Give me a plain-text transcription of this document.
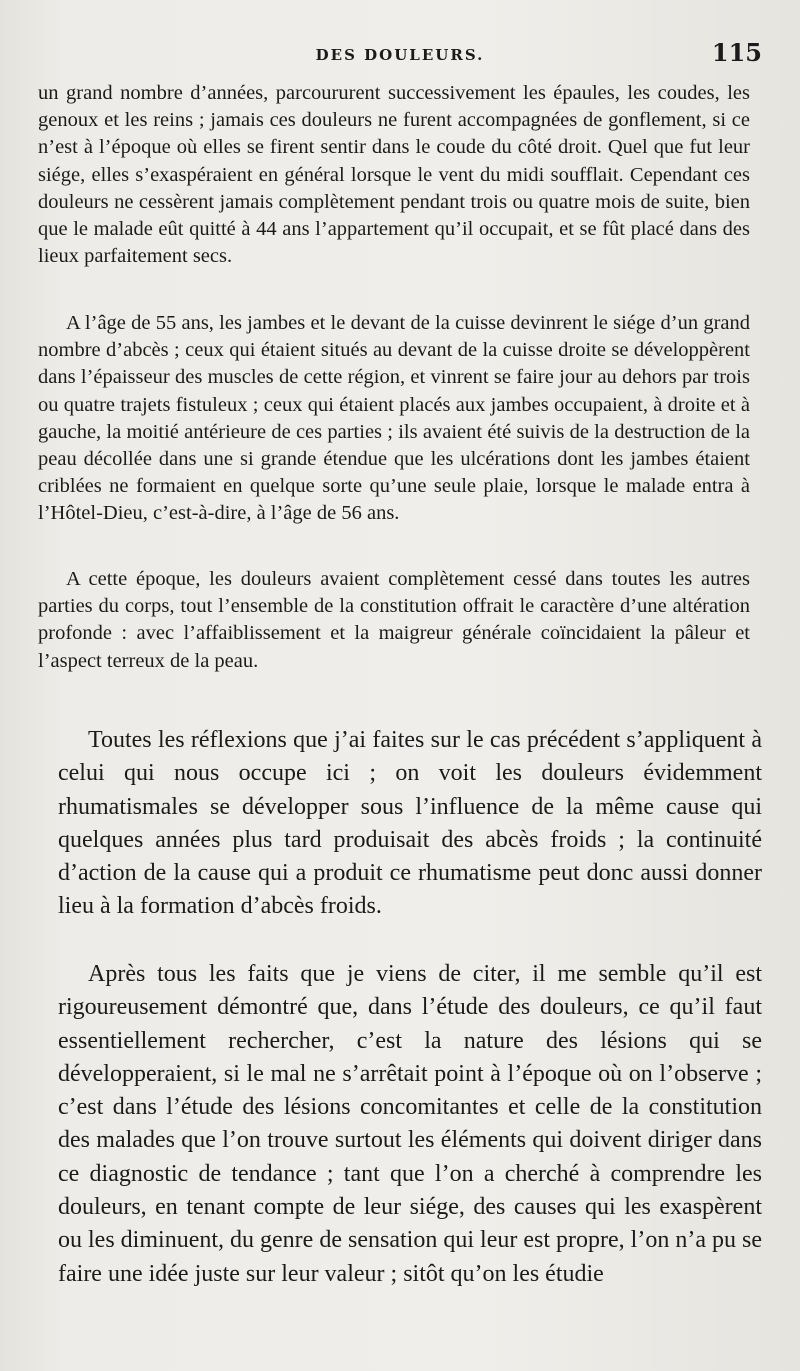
DES DOULEURS.	115

un grand nombre d’années, parcoururent successivement les épaules, les coudes, les genoux et les reins ; jamais ces douleurs ne furent accompagnées de gonflement, si ce n’est à l’époque où elles se firent sentir dans le coude du côté droit. Quel que fut leur siége, elles s’exaspéraient en général lorsque le vent du midi soufflait. Cependant ces douleurs ne cessèrent jamais complètement pendant trois ou quatre mois de suite, bien que le malade eût quitté à 44 ans l’appartement qu’il occupait, et se fût placé dans des lieux parfaitement secs.

A l’âge de 55 ans, les jambes et le devant de la cuisse devinrent le siége d’un grand nombre d’abcès ; ceux qui étaient situés au devant de la cuisse droite se développèrent dans l’épaisseur des muscles de cette région, et vinrent se faire jour au dehors par trois ou quatre trajets fistuleux ; ceux qui étaient placés aux jambes occupaient, à droite et à gauche, la moitié antérieure de ces parties ; ils avaient été suivis de la destruction de la peau décollée dans une si grande étendue que les ulcérations dont les jambes étaient criblées ne formaient en quelque sorte qu’une seule plaie, lorsque le malade entra à l’Hôtel-Dieu, c’est-à-dire, à l’âge de 56 ans.

A cette époque, les douleurs avaient complètement cessé dans toutes les autres parties du corps, tout l’ensemble de la constitution offrait le caractère d’une altération profonde : avec l’affaiblissement et la maigreur générale coïncidaient la pâleur et l’aspect terreux de la peau.

Toutes les réflexions que j’ai faites sur le cas précédent s’appliquent à celui qui nous occupe ici ; on voit les douleurs évidemment rhumatismales se développer sous l’influence de la même cause qui quelques années plus tard produisait des abcès froids ; la continuité d’action de la cause qui a produit ce rhumatisme peut donc aussi donner lieu à la formation d’abcès froids.

Après tous les faits que je viens de citer, il me semble qu’il est rigoureusement démontré que, dans l’étude des douleurs, ce qu’il faut essentiellement rechercher, c’est la nature des lésions qui se développeraient, si le mal ne s’arrêtait point à l’époque où on l’observe ; c’est dans l’étude des lésions concomitantes et celle de la constitution des malades que l’on trouve surtout les éléments qui doivent diriger dans ce diagnostic de tendance ; tant que l’on a cherché à comprendre les douleurs, en tenant compte de leur siége, des causes qui les exaspèrent ou les diminuent, du genre de sensation qui leur est propre, l’on n’a pu se faire une idée juste sur leur valeur ; sitôt qu’on les étudie
